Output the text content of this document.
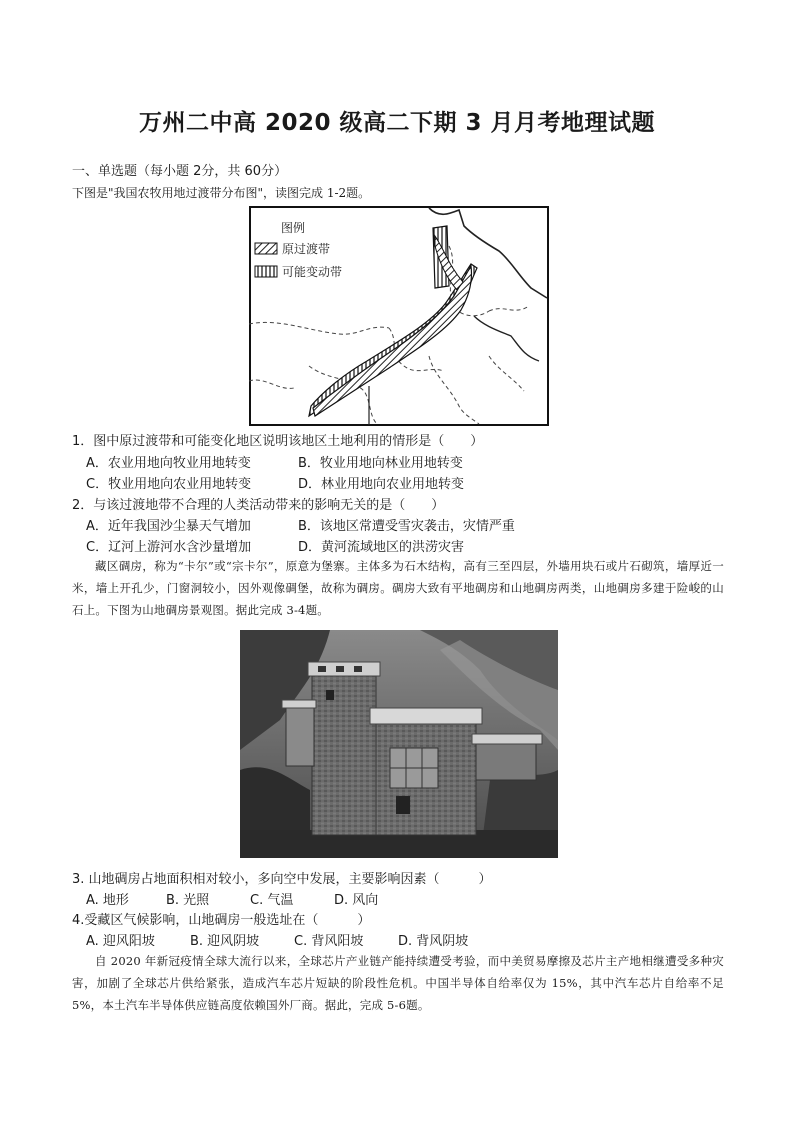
万州二中高 2020 级高二下期 3 月月考地理试题
一、单选题（每小题 2分，共 60分）
下图是"我国农牧用地过渡带分布图"，读图完成 1-2题。
图例
原过渡带
可能变动带
1．图中原过渡带和可能变化地区说明该地区土地利用的情形是（　　）
A．农业用地向牧业用地转变	B．牧业用地向林业用地转变
C．牧业用地向农业用地转变	D．林业用地向农业用地转变
2．与该过渡地带不合理的人类活动带来的影响无关的是（　　）
A．近年我国沙尘暴天气增加	B．该地区常遭受雪灾袭击，灾情严重
C．辽河上游河水含沙量增加	D．黄河流域地区的洪涝灾害
藏区碉房，称为“卡尔”或“宗卡尔”，原意为堡寨。主体多为石木结构，高有三至四层，外墙用块石或片石砌筑，墙厚近一米，墙上开孔少，门窗洞较小，因外观像碉堡，故称为碉房。碉房大致有平地碉房和山地碉房两类，山地碉房多建于险峻的山石上。下图为山地碉房景观图。据此完成 3-4题。
3. 山地碉房占地面积相对较小，多向空中发展，主要影响因素（　　　）
A. 地形	B. 光照	C. 气温	D. 风向
4.受藏区气候影响，山地碉房一般选址在（　　　）
A. 迎风阳坡	B. 迎风阴坡	C. 背风阳坡	D. 背风阴坡
自 2020 年新冠疫情全球大流行以来，全球芯片产业链产能持续遭受考验，而中美贸易摩擦及芯片主产地相继遭受多种灾害，加剧了全球芯片供给紧张，造成汽车芯片短缺的阶段性危机。中国半导体自给率仅为 15%，其中汽车芯片自给率不足 5%，本土汽车半导体供应链高度依赖国外厂商。据此，完成 5-6题。
